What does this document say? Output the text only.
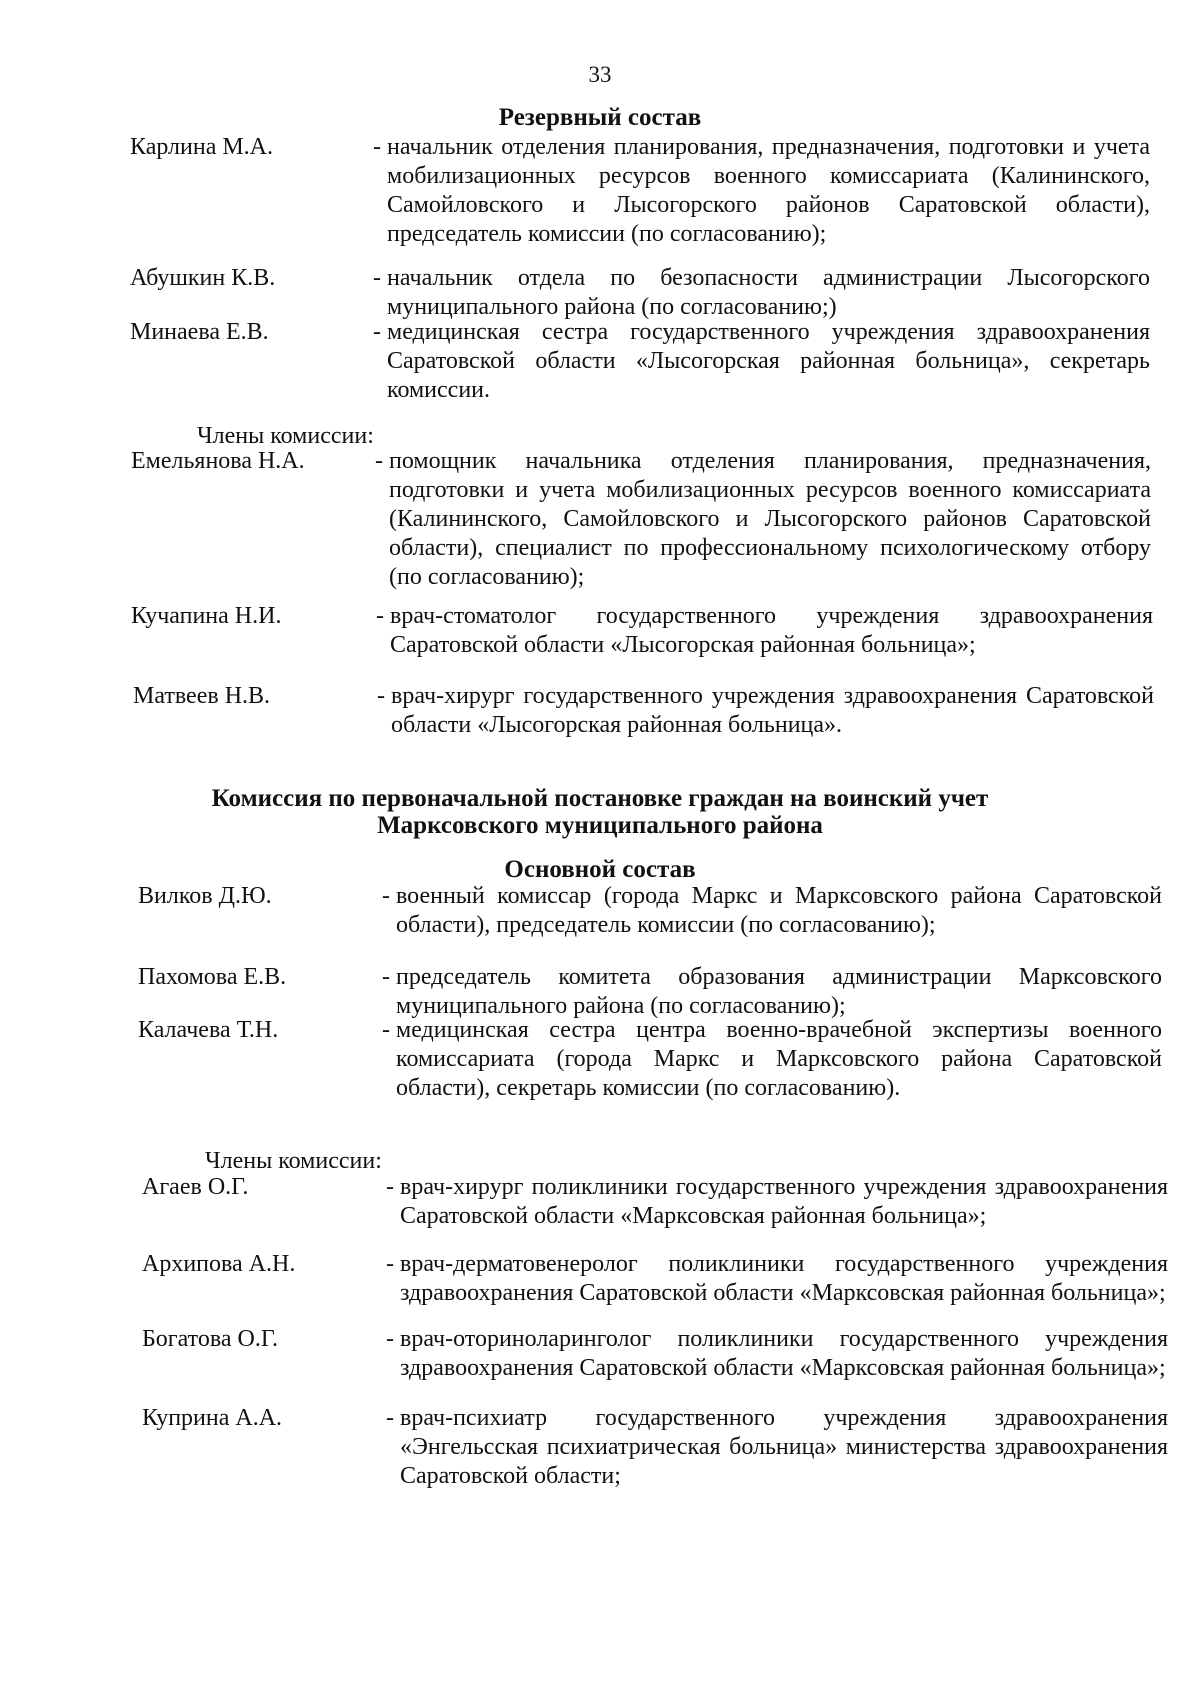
33
Резервный состав
Карлина М.А.	- начальник отделения планирования, предназначения, подготовки и учета мобилизационных ресурсов военного комиссариата (Калининского, Самойловского и Лысогорского районов Саратовской области), председатель комиссии (по согласованию);
Абушкин К.В.	- начальник отдела по безопасности администрации Лысогорского муниципального района (по согласованию;)
Минаева Е.В.	- медицинская сестра государственного учреждения здравоохранения Саратовской области «Лысогорская районная больница», секретарь комиссии.
Члены комиссии:
Емельянова Н.А.	- помощник начальника отделения планирования, предназначения, подготовки и учета мобилизационных ресурсов военного комиссариата (Калининского, Самойловского и Лысогорского районов Саратовской области), специалист по профессиональному психологическому отбору (по согласованию);
Кучапина Н.И.	- врач-стоматолог государственного учреждения здравоохранения Саратовской области «Лысогорская районная больница»;
Матвеев Н.В.	- врач-хирург государственного учреждения здравоохранения Саратовской области «Лысогорская районная больница».
Комиссия по первоначальной постановке граждан на воинский учет
Марксовского муниципального района
Основной состав
Вилков Д.Ю.	- военный комиссар (города Маркс и Марксовского района Саратовской области), председатель комиссии (по согласованию);
Пахомова Е.В.	- председатель комитета образования администрации Марксовского муниципального района (по согласованию);
Калачева Т.Н.	- медицинская сестра центра военно-врачебной экспертизы военного комиссариата (города Маркс и Марксовского района Саратовской области), секретарь комиссии (по согласованию).
Члены комиссии:
Агаев О.Г.	- врач-хирург поликлиники государственного учреждения здравоохранения Саратовской области «Марксовская районная больница»;
Архипова А.Н.	- врач-дерматовенеролог поликлиники государственного учреждения здравоохранения Саратовской области «Марксовская районная больница»;
Богатова О.Г.	- врач-оториноларинголог поликлиники государственного учреждения здравоохранения Саратовской области «Марксовская районная больница»;
Куприна А.А.	- врач-психиатр государственного учреждения здравоохранения «Энгельсская психиатрическая больница» министерства здравоохранения Саратовской области;
